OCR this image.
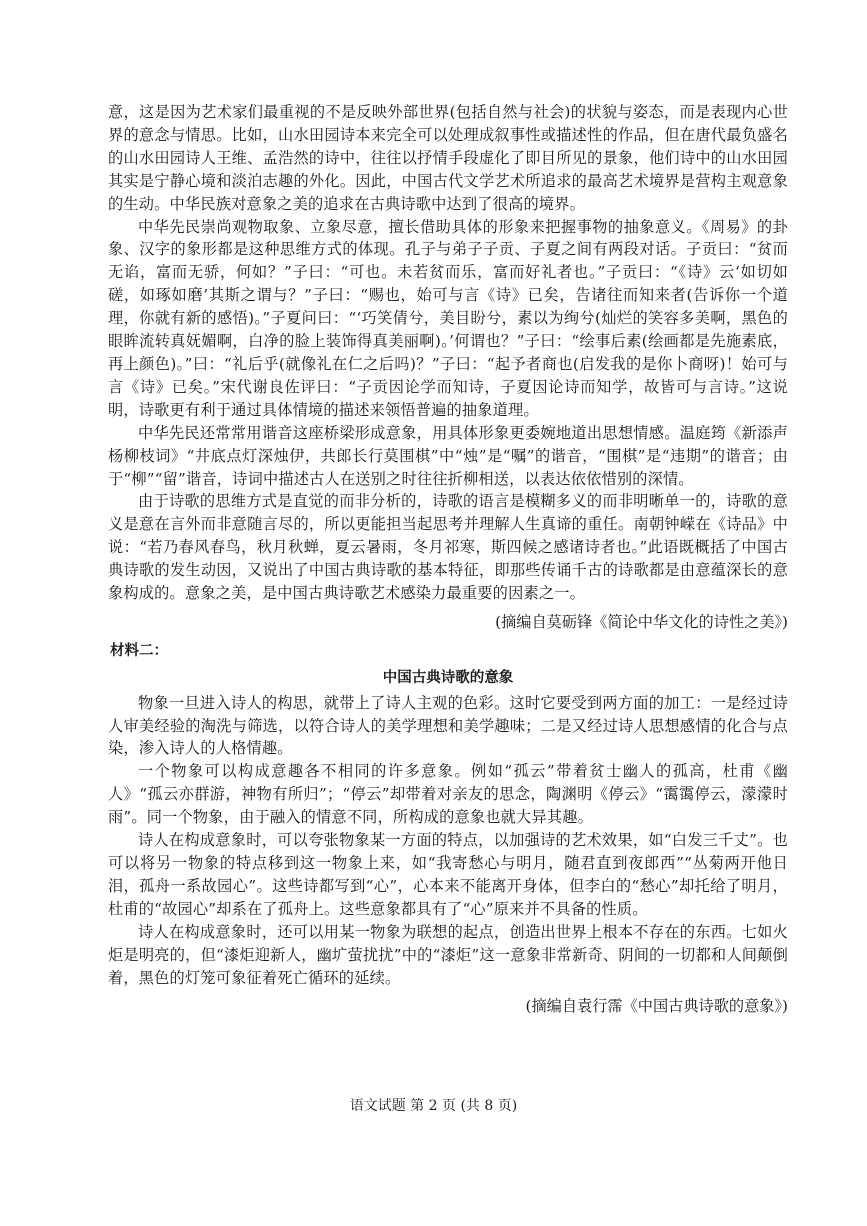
意，这是因为艺术家们最重视的不是反映外部世界(包括自然与社会)的状貌与姿态，而是表现内心世界的意念与情思。比如，山水田园诗本来完全可以处理成叙事性或描述性的作品，但在唐代最负盛名的山水田园诗人王维、孟浩然的诗中，往往以抒情手段虚化了即目所见的景象，他们诗中的山水田园其实是宁静心境和淡泊志趣的外化。因此，中国古代文学艺术所追求的最高艺术境界是营构主观意象的生动。中华民族对意象之美的追求在古典诗歌中达到了很高的境界。

中华先民崇尚观物取象、立象尽意，擅长借助具体的形象来把握事物的抽象意义。《周易》的卦象、汉字的象形都是这种思维方式的体现。孔子与弟子子贡、子夏之间有两段对话。子贡曰：“贫而无谄，富而无骄，何如？”子曰：“可也。未若贫而乐，富而好礼者也。”子贡曰：“《诗》云‘如切如磋，如琢如磨’其斯之谓与？”子曰：“赐也，始可与言《诗》已矣，告诸往而知来者(告诉你一个道理，你就有新的感悟)。”子夏问曰：“‘巧笑倩兮，美目盼兮，素以为绚兮(灿烂的笑容多美啊，黑色的眼眸流转真妩媚啊，白净的脸上装饰得真美丽啊)。’何谓也？”子曰：“绘事后素(绘画都是先施素底，再上颜色)。”曰：“礼后乎(就像礼在仁之后吗)？”子曰：“起予者商也(启发我的是你卜商呀)！始可与言《诗》已矣。”宋代谢良佐评曰：“子贡因论学而知诗，子夏因论诗而知学，故皆可与言诗。”这说明，诗歌更有利于通过具体情境的描述来领悟普遍的抽象道理。

中华先民还常常用谐音这座桥梁形成意象，用具体形象更委婉地道出思想情感。温庭筠《新添声杨柳枝词》“井底点灯深烛伊，共郎长行莫围棋”中“烛”是“嘱”的谐音，“围棋”是“违期”的谐音；由于“柳”“留”谐音，诗词中描述古人在送别之时往往折柳相送，以表达依依惜别的深情。

由于诗歌的思维方式是直觉的而非分析的，诗歌的语言是模糊多义的而非明晰单一的，诗歌的意义是意在言外而非意随言尽的，所以更能担当起思考并理解人生真谛的重任。南朝钟嵘在《诗品》中说：“若乃春风春鸟，秋月秋蝉，夏云暑雨，冬月祁寒，斯四候之感诸诗者也。”此语既概括了中国古典诗歌的发生动因，又说出了中国古典诗歌的基本特征，即那些传诵千古的诗歌都是由意蕴深长的意象构成的。意象之美，是中国古典诗歌艺术感染力最重要的因素之一。

(摘编自莫砺锋《简论中华文化的诗性之美》)

材料二：

中国古典诗歌的意象

物象一旦进入诗人的构思，就带上了诗人主观的色彩。这时它要受到两方面的加工：一是经过诗人审美经验的淘洗与筛选，以符合诗人的美学理想和美学趣味；二是又经过诗人思想感情的化合与点染，渗入诗人的人格情趣。

一个物象可以构成意趣各不相同的许多意象。例如“孤云”带着贫士幽人的孤高，杜甫《幽人》“孤云亦群游，神物有所归”；“停云”却带着对亲友的思念，陶渊明《停云》“霭霭停云，濛濛时雨”。同一个物象，由于融入的情意不同，所构成的意象也就大异其趣。

诗人在构成意象时，可以夸张物象某一方面的特点，以加强诗的艺术效果，如“白发三千丈”。也可以将另一物象的特点移到这一物象上来，如“我寄愁心与明月，随君直到夜郎西”“丛菊两开他日泪，孤舟一系故园心”。这些诗都写到“心”，心本来不能离开身体，但李白的“愁心”却托给了明月，杜甫的“故园心”却系在了孤舟上。这些意象都具有了“心”原来并不具备的性质。

诗人在构成意象时，还可以用某一物象为联想的起点，创造出世界上根本不存在的东西。七如火炬是明亮的，但“漆炬迎新人，幽圹萤扰扰”中的“漆炬”这一意象非常新奇、阴间的一切都和人间颠倒着，黑色的灯笼可象征着死亡循环的延续。

(摘编自袁行霈《中国古典诗歌的意象》)

语文试题 第 2 页 (共 8 页)
